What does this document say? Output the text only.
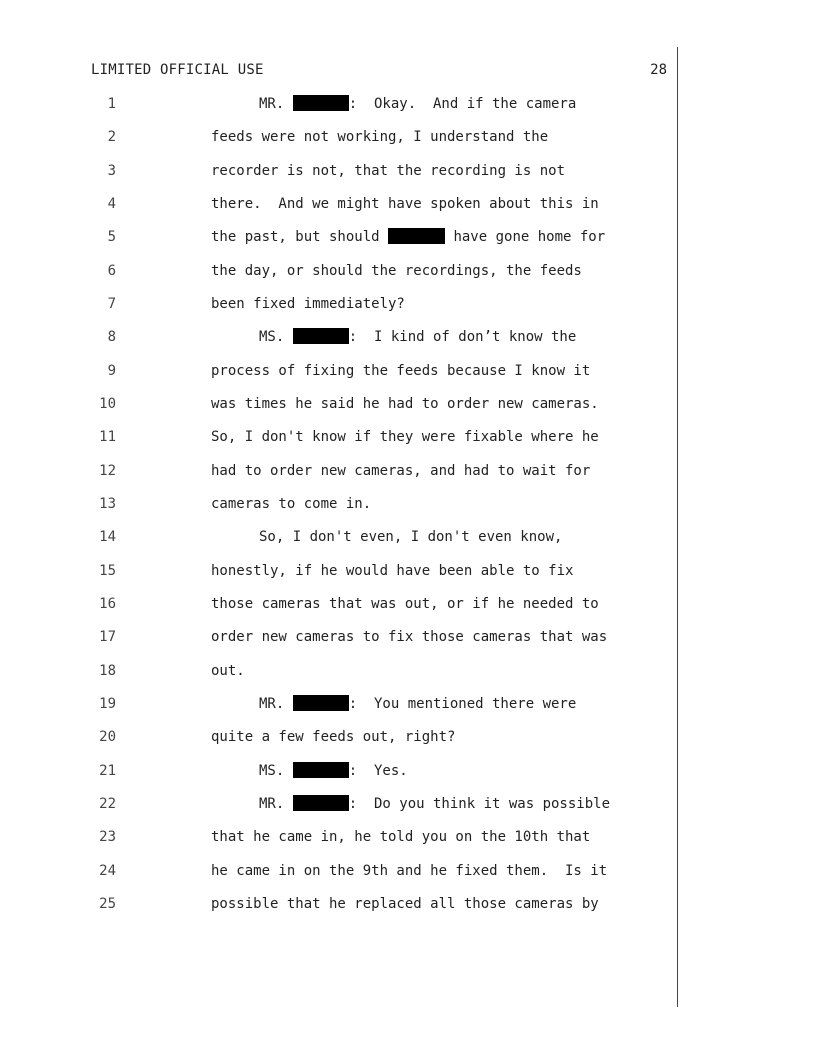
LIMITED OFFICIAL USE	28
1	MR.	:  Okay.  And if the camera
2	feeds were not working, I understand the
3	recorder is not, that the recording is not
4	there.  And we might have spoken about this in
5	the past, but should	have gone home for
6	the day, or should the recordings, the feeds
7	been fixed immediately?
8	MS.	:  I kind of don’t know the
9	process of fixing the feeds because I know it
10	was times he said he had to order new cameras.
11	So, I don't know if they were fixable where he
12	had to order new cameras, and had to wait for
13	cameras to come in.
14	So, I don't even, I don't even know,
15	honestly, if he would have been able to fix
16	those cameras that was out, or if he needed to
17	order new cameras to fix those cameras that was
18	out.
19	MR.	:  You mentioned there were
20	quite a few feeds out, right?
21	MS.	:  Yes.
22	MR.	:  Do you think it was possible
23	that he came in, he told you on the 10th that
24	he came in on the 9th and he fixed them.  Is it
25	possible that he replaced all those cameras by
